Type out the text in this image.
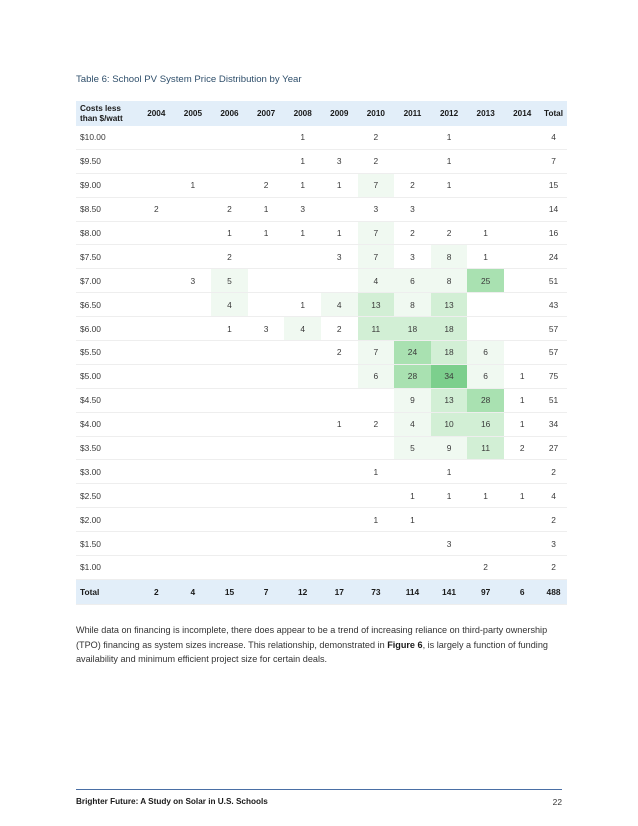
Table 6: School PV System Price Distribution by Year
Costs less than $/watt	2004	2005	2006	2007	2008	2009	2010	2011	2012	2013	2014	Total
$10.00					1		2		1			4
$9.50					1	3	2		1			7
$9.00		1		2	1	1	7	2	1			15
$8.50	2		2	1	3		3	3				14
$8.00			1	1	1	1	7	2	2	1		16
$7.50			2			3	7	3	8	1		24
$7.00		3	5				4	6	8	25		51
$6.50			4		1	4	13	8	13			43
$6.00			1	3	4	2	11	18	18			57
$5.50						2	7	24	18	6		57
$5.00							6	28	34	6	1	75
$4.50								9	13	28	1	51
$4.00						1	2	4	10	16	1	34
$3.50								5	9	11	2	27
$3.00							1		1			2
$2.50								1	1	1	1	4
$2.00							1	1				2
$1.50									3			3
$1.00										2		2
Total	2	4	15	7	12	17	73	114	141	97	6	488
While data on financing is incomplete, there does appear to be a trend of increasing reliance on third-party ownership (TPO) financing as system sizes increase. This relationship, demonstrated in Figure 6, is largely a function of funding availability and minimum efficient project size for certain deals.
Brighter Future: A Study on Solar in U.S. Schools	22
